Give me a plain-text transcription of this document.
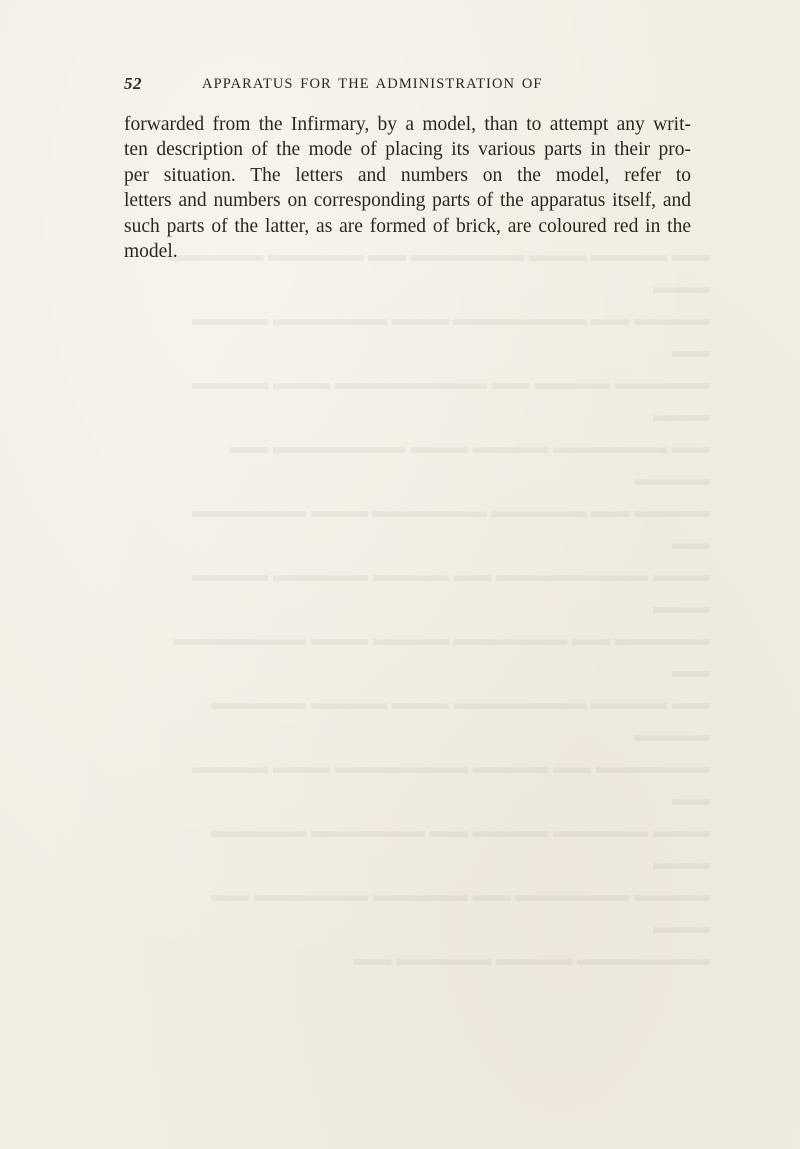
▬▬ ▬▬▬▬ ▬▬▬ ▬▬▬▬▬▬ ▬▬ ▬▬▬▬▬ ▬▬▬▬▬ ▬▬▬
▬▬▬▬ ▬▬ ▬▬▬▬▬▬▬ ▬▬▬ ▬▬▬▬▬▬ ▬▬▬▬ ▬▬
▬▬▬▬▬ ▬▬▬▬ ▬▬ ▬▬▬▬▬▬▬▬ ▬▬▬ ▬▬▬▬ ▬▬▬
▬▬ ▬▬▬▬▬▬ ▬▬▬▬ ▬▬▬ ▬▬▬▬▬▬▬ ▬▬ ▬▬▬▬
▬▬▬▬ ▬▬ ▬▬▬▬▬ ▬▬▬▬▬▬ ▬▬▬ ▬▬▬▬▬▬ ▬▬
▬▬▬ ▬▬▬▬▬▬▬▬ ▬▬ ▬▬▬▬ ▬▬▬▬▬ ▬▬▬▬ ▬▬▬
▬▬▬▬▬ ▬▬ ▬▬▬▬▬▬ ▬▬▬▬ ▬▬▬ ▬▬▬▬▬▬▬ ▬▬
▬▬ ▬▬▬▬ ▬▬▬▬▬▬▬ ▬▬▬ ▬▬▬▬ ▬▬▬▬▬ ▬▬▬▬
▬▬▬▬▬▬ ▬▬ ▬▬▬▬ ▬▬▬▬▬▬▬ ▬▬▬ ▬▬▬▬ ▬▬
▬▬▬ ▬▬▬▬▬ ▬▬▬▬ ▬▬ ▬▬▬▬▬▬ ▬▬▬▬▬ ▬▬▬
▬▬▬▬ ▬▬▬▬▬▬ ▬▬ ▬▬▬▬▬ ▬▬▬▬▬▬ ▬▬ ▬▬▬
▬▬▬▬▬▬▬ ▬▬▬▬ ▬▬▬▬▬ ▬▬
52	APPARATUS FOR THE ADMINISTRATION OF
forwarded from the Infirmary, by a model, than to attempt any writ-
ten description of the mode of placing its various parts in their pro-
per situation. The letters and numbers on the model, refer to
letters and numbers on corresponding parts of the apparatus itself, and
such parts of the latter, as are formed of brick, are coloured red in the
model.
